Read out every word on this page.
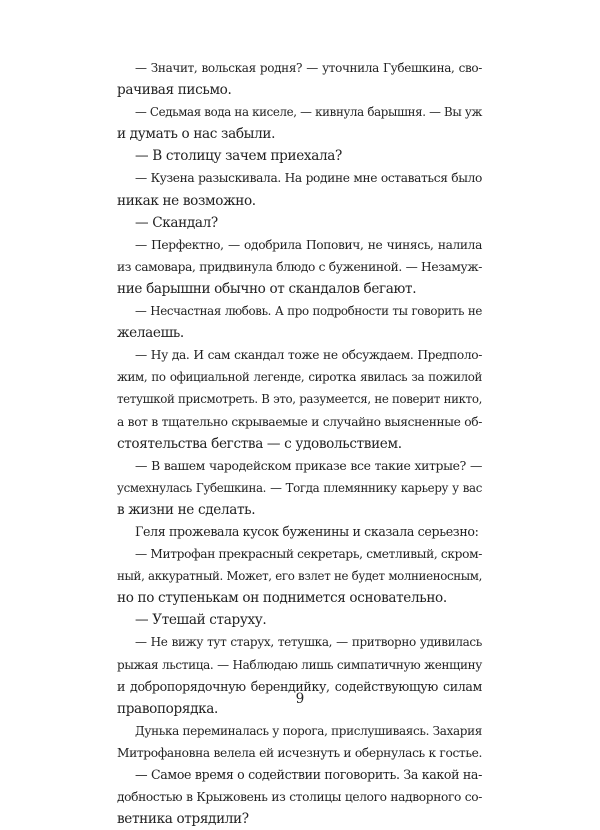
— Значит, вольская родня? — уточнила Губешкина, сво-
рачивая письмо.
— Седьмая вода на киселе, — кивнула барышня. — Вы уж
и думать о нас забыли.
— В столицу зачем приехала?
— Кузена разыскивала. На родине мне оставаться было
никак не возможно.
— Скандал?
— Перфектно, — одобрила Попович, не чинясь, налила
из самовара, придвинула блюдо с бужениной. — Незамуж-
ние барышни обычно от скандалов бегают.
— Несчастная любовь. А про подробности ты говорить не
желаешь.
— Ну да. И сам скандал тоже не обсуждаем. Предполо-
жим, по официальной легенде, сиротка явилась за пожилой
тетушкой присмотреть. В это, разумеется, не поверит никто,
а вот в тщательно скрываемые и случайно выясненные об-
стоятельства бегства — с удовольствием.
— В вашем чародейском приказе все такие хитрые? —
усмехнулась Губешкина. — Тогда племяннику карьеру у вас
в жизни не сделать.
Геля прожевала кусок буженины и сказала серьезно:
— Митрофан прекрасный секретарь, сметливый, скром-
ный, аккуратный. Может, его взлет не будет молниеносным,
но по ступенькам он поднимется основательно.
— Утешай старуху.
— Не вижу тут старух, тетушка, — притворно удивилась
рыжая льстица. — Наблюдаю лишь симпатичную женщину
и добропорядочную берендийку, содействующую силам
правопорядка.
Дунька переминалась у порога, прислушиваясь. Захария
Митрофановна велела ей исчезнуть и обернулась к гостье.
— Самое время о содействии поговорить. За какой на-
добностью в Крыжовень из столицы целого надворного со-
ветника отрядили?
9
